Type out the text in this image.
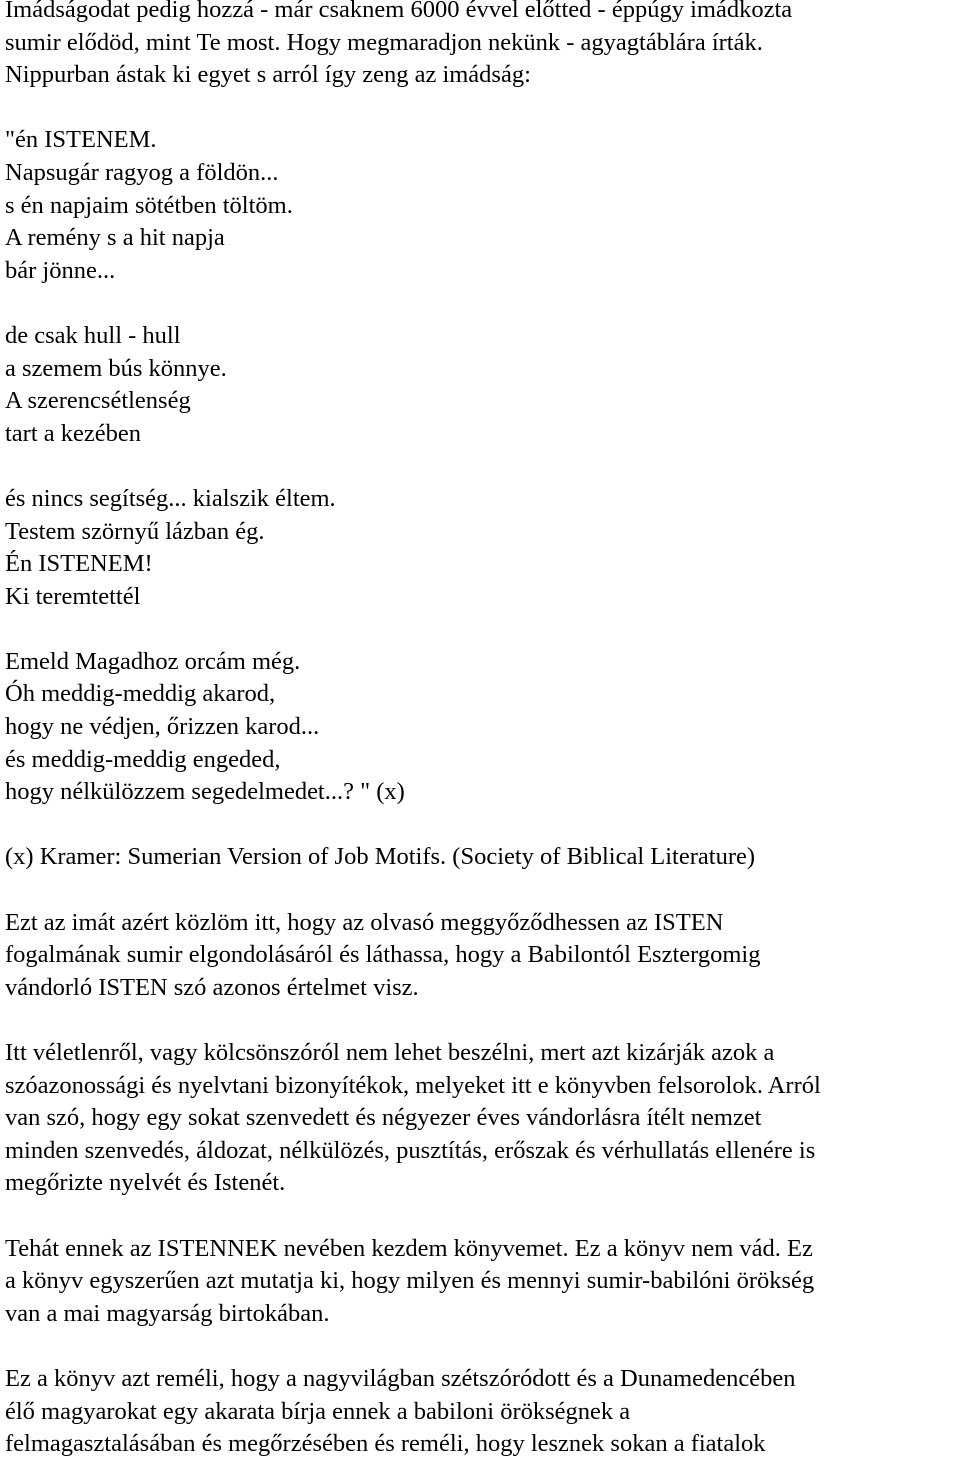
Imádságodat pedig hozzá - már csaknem 6000 évvel előtted - éppúgy imádkozta
sumir elődöd, mint Te most. Hogy megmaradjon nekünk - agyagtáblára írták.
Nippurban ástak ki egyet s arról így zeng az imádság:
"én ISTENEM.
Napsugár ragyog a földön...
s én napjaim sötétben töltöm.
A remény s a hit napja
bár jönne...
de csak hull - hull
a szemem bús könnye.
A szerencsétlenség
tart a kezében
és nincs segítség... kialszik éltem.
Testem szörnyű lázban ég.
Én ISTENEM!
Ki teremtettél
Emeld Magadhoz orcám még.
Óh meddig-meddig akarod,
hogy ne védjen, őrizzen karod...
és meddig-meddig engeded,
hogy nélkülözzem segedelmedet...? " (x)
(x) Kramer: Sumerian Version of Job Motifs. (Society of Biblical Literature)
Ezt az imát azért közlöm itt, hogy az olvasó meggyőződhessen az ISTEN
fogalmának sumir elgondolásáról és láthassa, hogy a Babilontól Esztergomig
vándorló ISTEN szó azonos értelmet visz.
Itt véletlenről, vagy kölcsönszóról nem lehet beszélni, mert azt kizárják azok a
szóazonossági és nyelvtani bizonyítékok, melyeket itt e könyvben felsorolok. Arról
van szó, hogy egy sokat szenvedett és négyezer éves vándorlásra ítélt nemzet
minden szenvedés, áldozat, nélkülözés, pusztítás, erőszak és vérhullatás ellenére is
megőrizte nyelvét és Istenét.
Tehát ennek az ISTENNEK nevében kezdem könyvemet. Ez a könyv nem vád. Ez
a könyv egyszerűen azt mutatja ki, hogy milyen és mennyi sumir-babilóni örökség
van a mai magyarság birtokában.
Ez a könyv azt reméli, hogy a nagyvilágban szétszóródott és a Dunamedencében
élő magyarokat egy akarata bírja ennek a babiloni örökségnek a
felmagasztalásában és megőrzésében és reméli, hogy lesznek sokan a fiatalok
